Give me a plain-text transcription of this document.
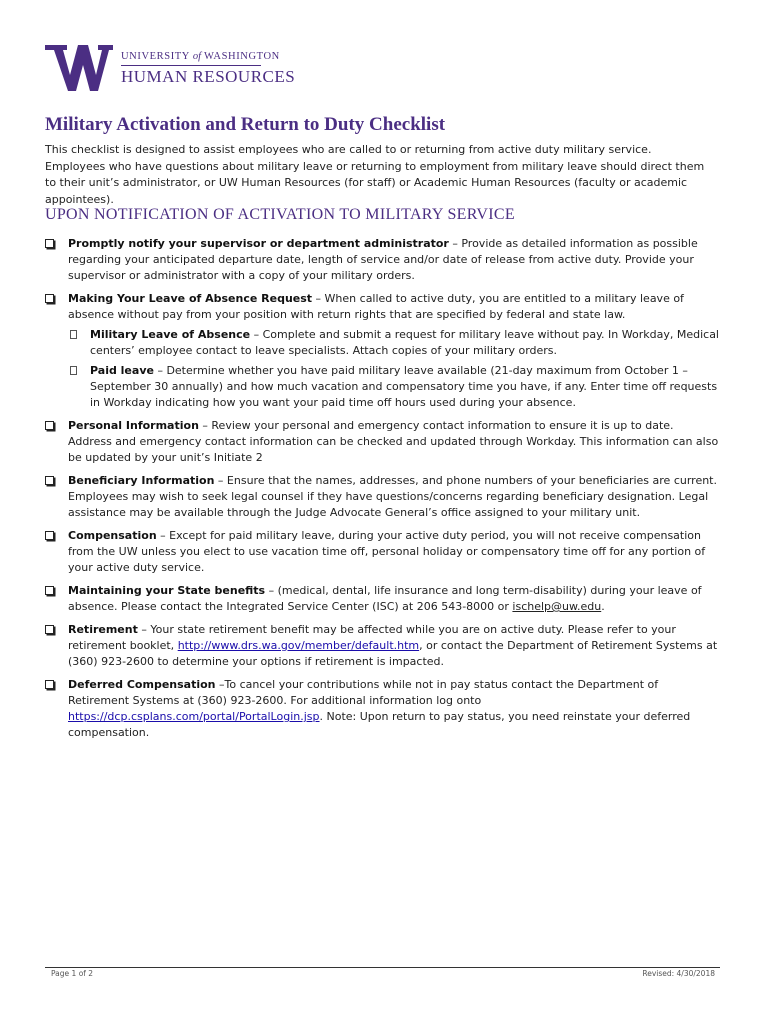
UNIVERSITY of WASHINGTON
HUMAN RESOURCES
Military Activation and Return to Duty Checklist

This checklist is designed to assist employees who are called to or returning from active duty military service. Employees who have questions about military leave or returning to employment from military leave should direct them to their unit’s administrator, or UW Human Resources (for staff) or Academic Human Resources (faculty or academic appointees).

UPON NOTIFICATION OF ACTIVATION TO MILITARY SERVICE
Promptly notify your supervisor or department administrator – Provide as detailed information as possible regarding your anticipated departure date, length of service and/or date of release from active duty. Provide your supervisor or administrator with a copy of your military orders.
Making Your Leave of Absence Request – When called to active duty, you are entitled to a military leave of absence without pay from your position with return rights that are specified by federal and state law.
Military Leave of Absence – Complete and submit a request for military leave without pay. In Workday, Medical centers’ employee contact to leave specialists. Attach copies of your military orders.
Paid leave – Determine whether you have paid military leave available (21-day maximum from October 1 – September 30 annually) and how much vacation and compensatory time you have, if any. Enter time off requests in Workday indicating how you want your paid time off hours used during your absence.
Personal Information – Review your personal and emergency contact information to ensure it is up to date. Address and emergency contact information can be checked and updated through Workday. This information can also be updated by your unit’s Initiate 2
Beneficiary Information – Ensure that the names, addresses, and phone numbers of your beneficiaries are current. Employees may wish to seek legal counsel if they have questions/concerns regarding beneficiary designation. Legal assistance may be available through the Judge Advocate General’s office assigned to your military unit.
Compensation – Except for paid military leave, during your active duty period, you will not receive compensation from the UW unless you elect to use vacation time off, personal holiday or compensatory time off for any portion of your active duty service.
Maintaining your State benefits – (medical, dental, life insurance and long term-disability) during your leave of absence. Please contact the Integrated Service Center (ISC) at 206 543-8000 or ischelp@uw.edu.
Retirement – Your state retirement benefit may be affected while you are on active duty. Please refer to your retirement booklet, http://www.drs.wa.gov/member/default.htm, or contact the Department of Retirement Systems at (360) 923-2600 to determine your options if retirement is impacted.
Deferred Compensation –To cancel your contributions while not in pay status contact the Department of Retirement Systems at (360) 923-2600. For additional information log onto https://dcp.csplans.com/portal/PortalLogin.jsp. Note: Upon return to pay status, you need reinstate your deferred compensation.
Page 1 of 2	Revised: 4/30/2018
